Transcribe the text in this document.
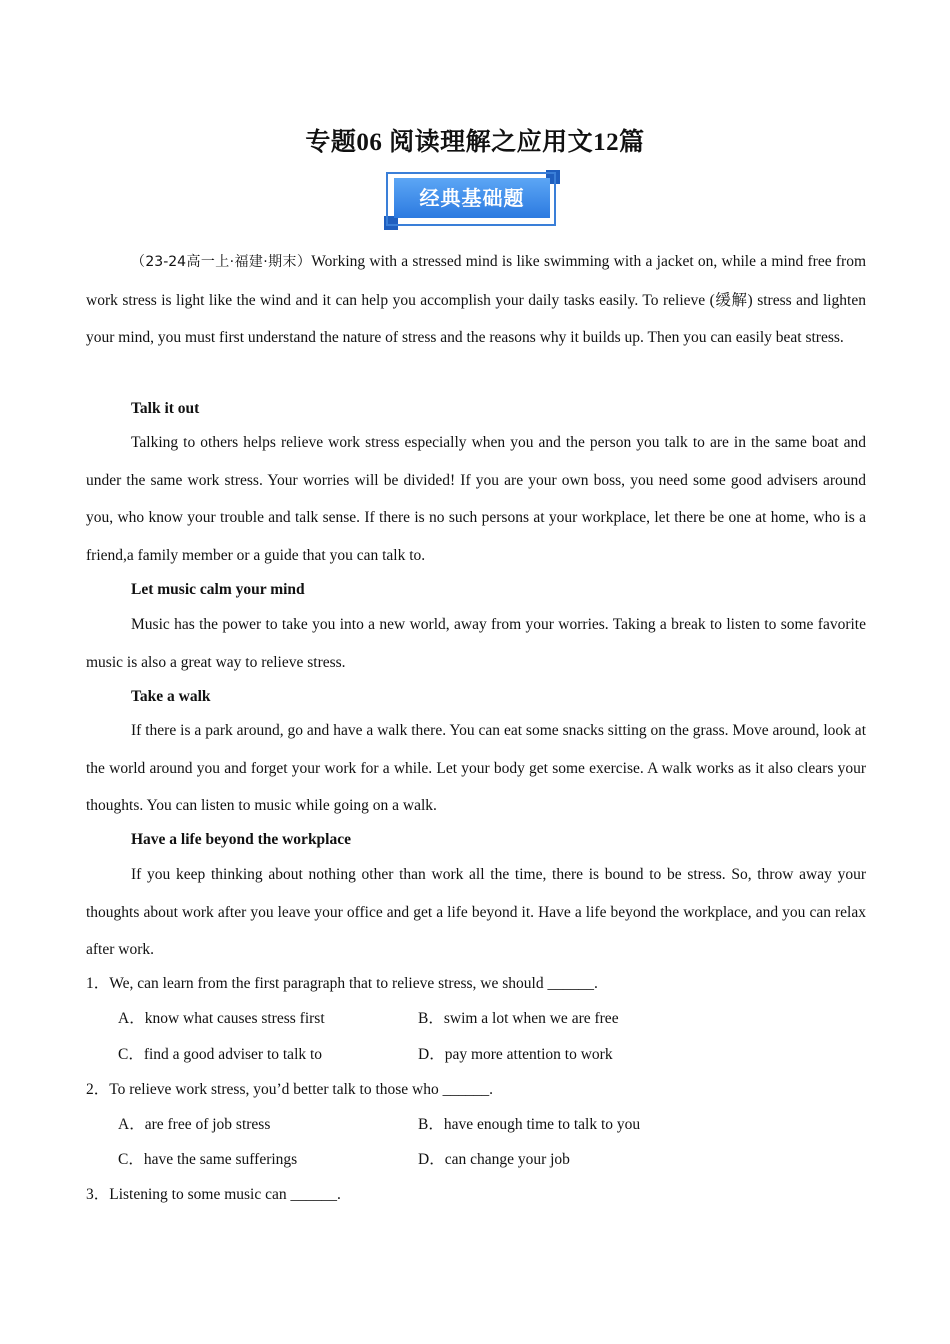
专题06 阅读理解之应用文12篇
经典基础题

（23-24高一上·福建·期末）Working with a stressed mind is like swimming with a jacket on, while a mind free from work stress is light like the wind and it can help you accomplish your daily tasks easily. To relieve (缓解) stress and lighten your mind, you must first understand the nature of stress and the reasons why it builds up. Then you can easily beat stress.

Talk it out

Talking to others helps relieve work stress especially when you and the person you talk to are in the same boat and under the same work stress. Your worries will be divided! If you are your own boss, you need some good advisers around you, who know your trouble and talk sense. If there is no such persons at your workplace, let there be one at home, who is a friend,a family member or a guide that you can talk to.

Let music calm your mind

Music has the power to take you into a new world, away from your worries. Taking a break to listen to some favorite music is also a great way to relieve stress.

Take a walk

If there is a park around, go and have a walk there. You can eat some snacks sitting on the grass. Move around, look at the world around you and forget your work for a while. Let your body get some exercise. A walk works as it also clears your thoughts. You can listen to music while going on a walk.

Have a life beyond the workplace

If you keep thinking about nothing other than work all the time, there is bound to be stress. So, throw away your thoughts about work after you leave your office and get a life beyond it. Have a life beyond the workplace, and you can relax after work.

1．We, can learn from the first paragraph that to relieve stress, we should ______.
A．know what causes stress first	B．swim a lot when we are free
C．find a good adviser to talk to	D．pay more attention to work
2．To relieve work stress, you’d better talk to those who ______.
A．are free of job stress	B．have enough time to talk to you
C．have the same sufferings	D．can change your job
3．Listening to some music can ______.
